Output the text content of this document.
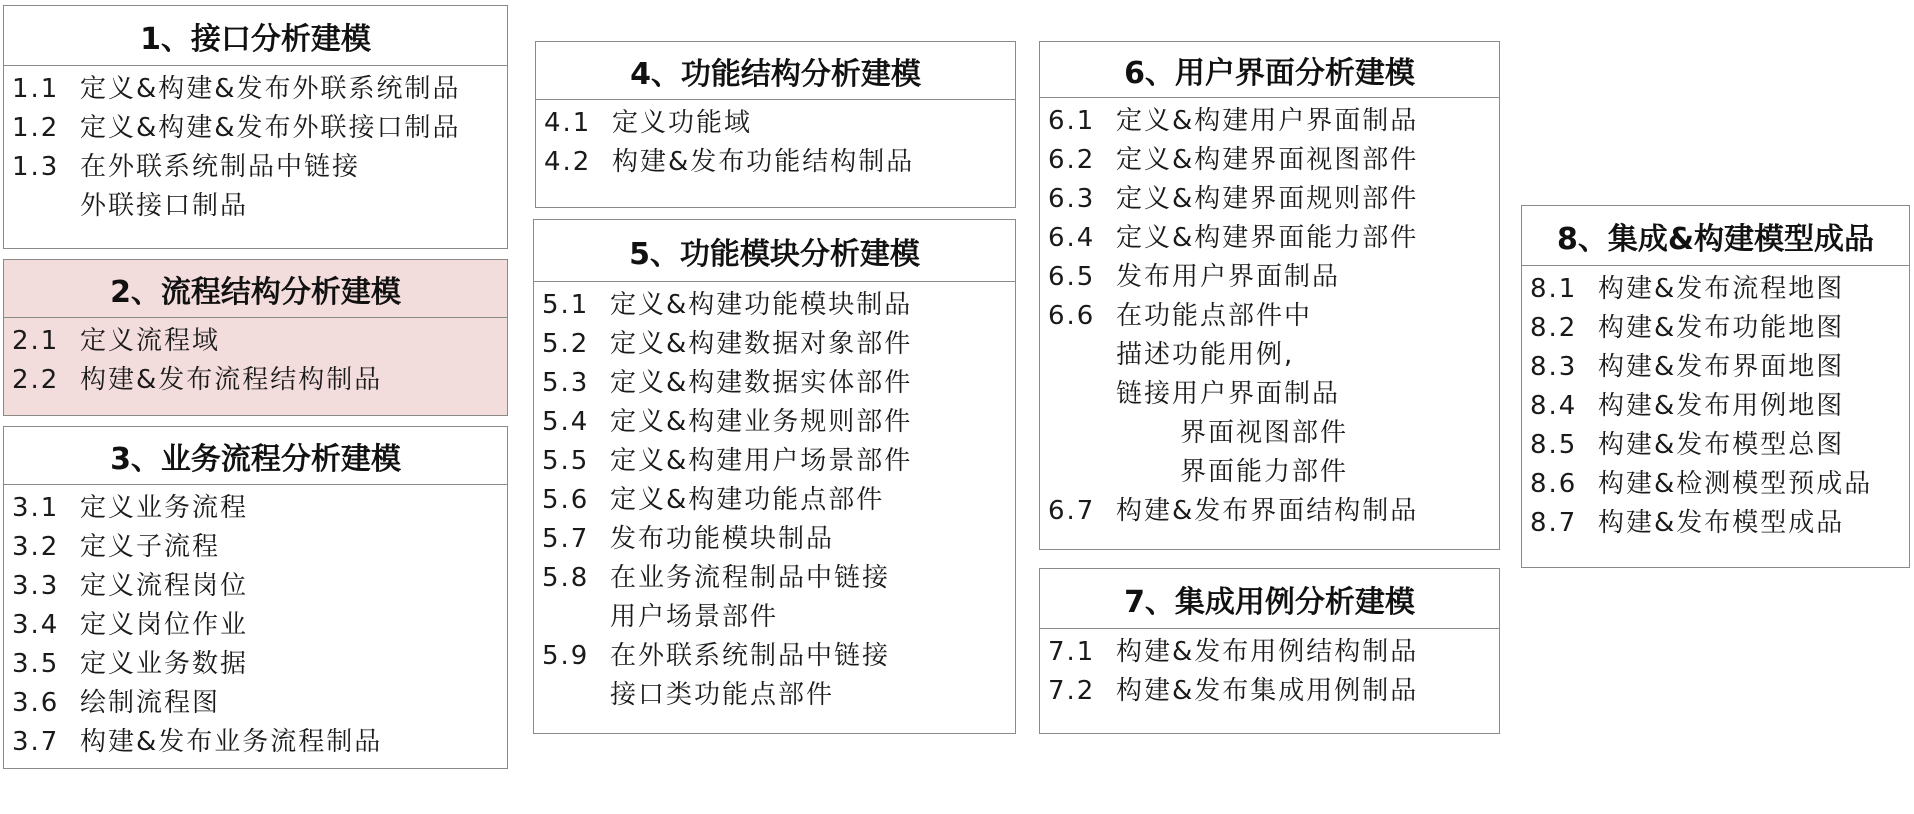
1、接口分析建模
1.1 定义&构建&发布外联系统制品
1.2 定义&构建&发布外联接口制品
1.3 在外联系统制品中链接
外联接口制品
2、流程结构分析建模
2.1 定义流程域
2.2 构建&发布流程结构制品
3、业务流程分析建模
3.1 定义业务流程
3.2 定义子流程
3.3 定义流程岗位
3.4 定义岗位作业
3.5 定义业务数据
3.6 绘制流程图
3.7 构建&发布业务流程制品
4、功能结构分析建模
4.1 定义功能域
4.2 构建&发布功能结构制品
5、功能模块分析建模
5.1 定义&构建功能模块制品
5.2 定义&构建数据对象部件
5.3 定义&构建数据实体部件
5.4 定义&构建业务规则部件
5.5 定义&构建用户场景部件
5.6 定义&构建功能点部件
5.7 发布功能模块制品
5.8 在业务流程制品中链接
用户场景部件
5.9 在外联系统制品中链接
接口类功能点部件
6、用户界面分析建模
6.1 定义&构建用户界面制品
6.2 定义&构建界面视图部件
6.3 定义&构建界面规则部件
6.4 定义&构建界面能力部件
6.5 发布用户界面制品
6.6 在功能点部件中
描述功能用例,
链接用户界面制品
界面视图部件
界面能力部件
6.7 构建&发布界面结构制品
7、集成用例分析建模
7.1 构建&发布用例结构制品
7.2 构建&发布集成用例制品
8、集成&构建模型成品
8.1 构建&发布流程地图
8.2 构建&发布功能地图
8.3 构建&发布界面地图
8.4 构建&发布用例地图
8.5 构建&发布模型总图
8.6 构建&检测模型预成品
8.7 构建&发布模型成品
